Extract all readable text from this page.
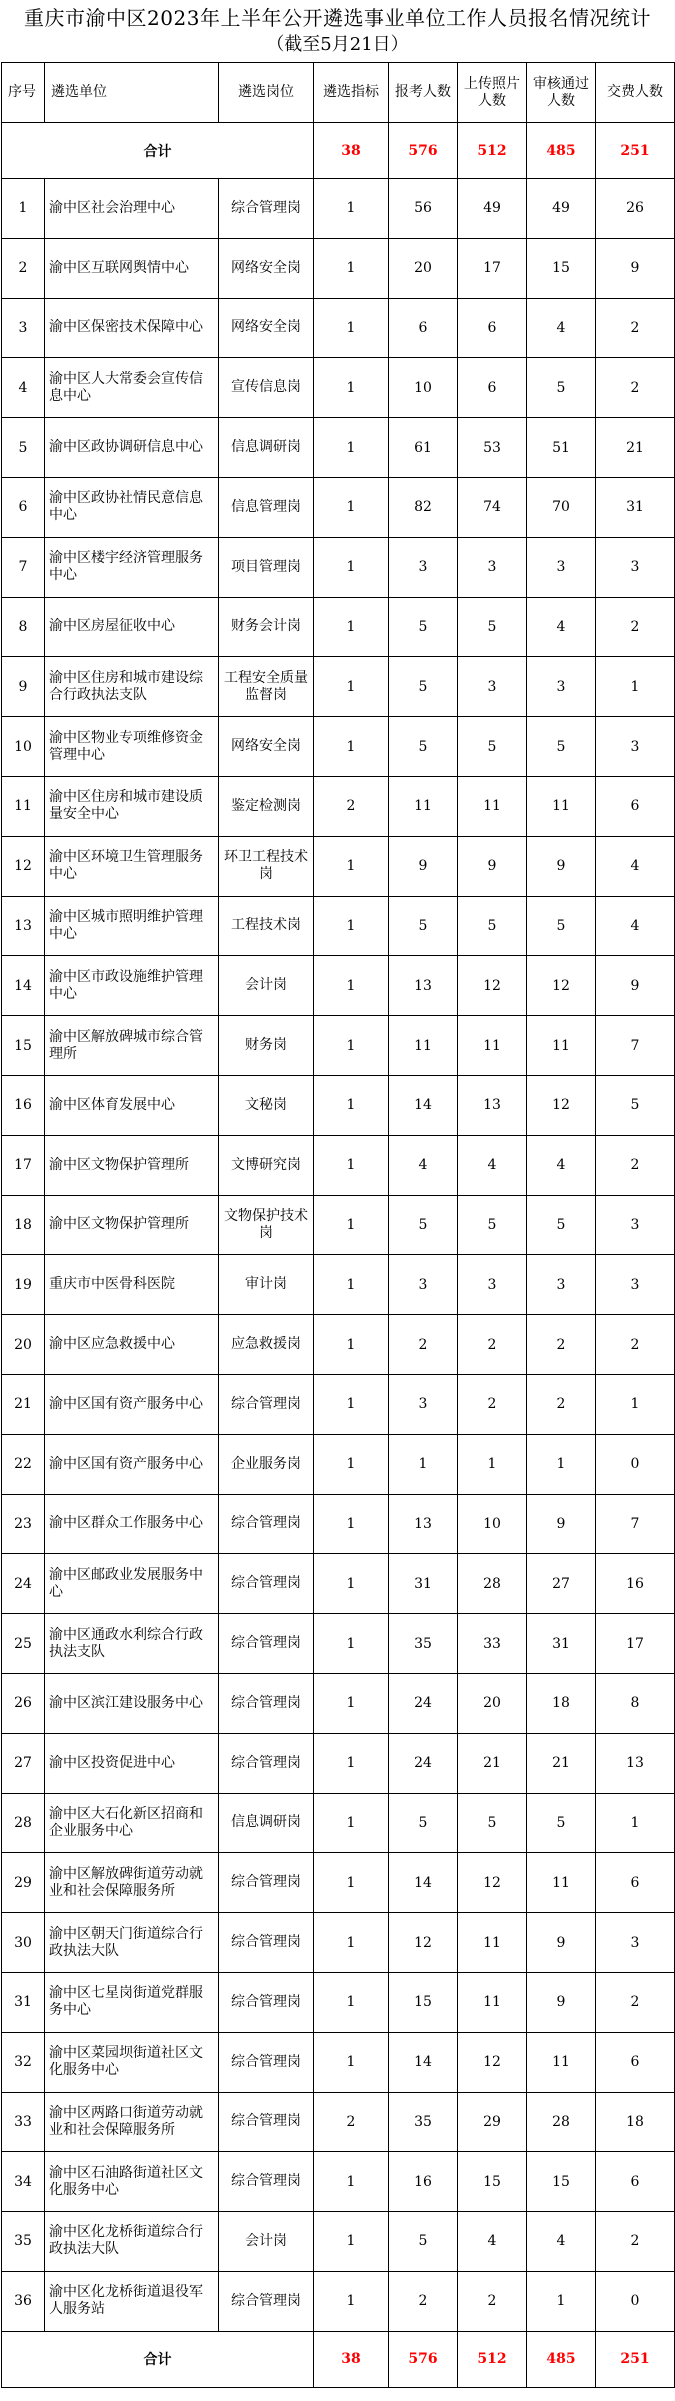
重庆市渝中区2023年上半年公开遴选事业单位工作人员报名情况统计
（截至5月21日）
序号	遴选单位	遴选岗位	遴选指标	报考人数	上传照片人数	审核通过人数	交费人数
合计			38	576	512	485	251
1	渝中区社会治理中心	综合管理岗	1	56	49	49	26
2	渝中区互联网舆情中心	网络安全岗	1	20	17	15	9
3	渝中区保密技术保障中心	网络安全岗	1	6	6	4	2
4	渝中区人大常委会宣传信息中心	宣传信息岗	1	10	6	5	2
5	渝中区政协调研信息中心	信息调研岗	1	61	53	51	21
6	渝中区政协社情民意信息中心	信息管理岗	1	82	74	70	31
7	渝中区楼宇经济管理服务中心	项目管理岗	1	3	3	3	3
8	渝中区房屋征收中心	财务会计岗	1	5	5	4	2
9	渝中区住房和城市建设综合行政执法支队	工程安全质量监督岗	1	5	3	3	1
10	渝中区物业专项维修资金管理中心	网络安全岗	1	5	5	5	3
11	渝中区住房和城市建设质量安全中心	鉴定检测岗	2	11	11	11	6
12	渝中区环境卫生管理服务中心	环卫工程技术岗	1	9	9	9	4
13	渝中区城市照明维护管理中心	工程技术岗	1	5	5	5	4
14	渝中区市政设施维护管理中心	会计岗	1	13	12	12	9
15	渝中区解放碑城市综合管理所	财务岗	1	11	11	11	7
16	渝中区体育发展中心	文秘岗	1	14	13	12	5
17	渝中区文物保护管理所	文博研究岗	1	4	4	4	2
18	渝中区文物保护管理所	文物保护技术岗	1	5	5	5	3
19	重庆市中医骨科医院	审计岗	1	3	3	3	3
20	渝中区应急救援中心	应急救援岗	1	2	2	2	2
21	渝中区国有资产服务中心	综合管理岗	1	3	2	2	1
22	渝中区国有资产服务中心	企业服务岗	1	1	1	1	0
23	渝中区群众工作服务中心	综合管理岗	1	13	10	9	7
24	渝中区邮政业发展服务中心	综合管理岗	1	31	28	27	16
25	渝中区通政水利综合行政执法支队	综合管理岗	1	35	33	31	17
26	渝中区滨江建设服务中心	综合管理岗	1	24	20	18	8
27	渝中区投资促进中心	综合管理岗	1	24	21	21	13
28	渝中区大石化新区招商和企业服务中心	信息调研岗	1	5	5	5	1
29	渝中区解放碑街道劳动就业和社会保障服务所	综合管理岗	1	14	12	11	6
30	渝中区朝天门街道综合行政执法大队	综合管理岗	1	12	11	9	3
31	渝中区七星岗街道党群服务中心	综合管理岗	1	15	11	9	2
32	渝中区菜园坝街道社区文化服务中心	综合管理岗	1	14	12	11	6
33	渝中区两路口街道劳动就业和社会保障服务所	综合管理岗	2	35	29	28	18
34	渝中区石油路街道社区文化服务中心	综合管理岗	1	16	15	15	6
35	渝中区化龙桥街道综合行政执法大队	会计岗	1	5	4	4	2
36	渝中区化龙桥街道退役军人服务站	综合管理岗	1	2	2	1	0
合计			38	576	512	485	251
